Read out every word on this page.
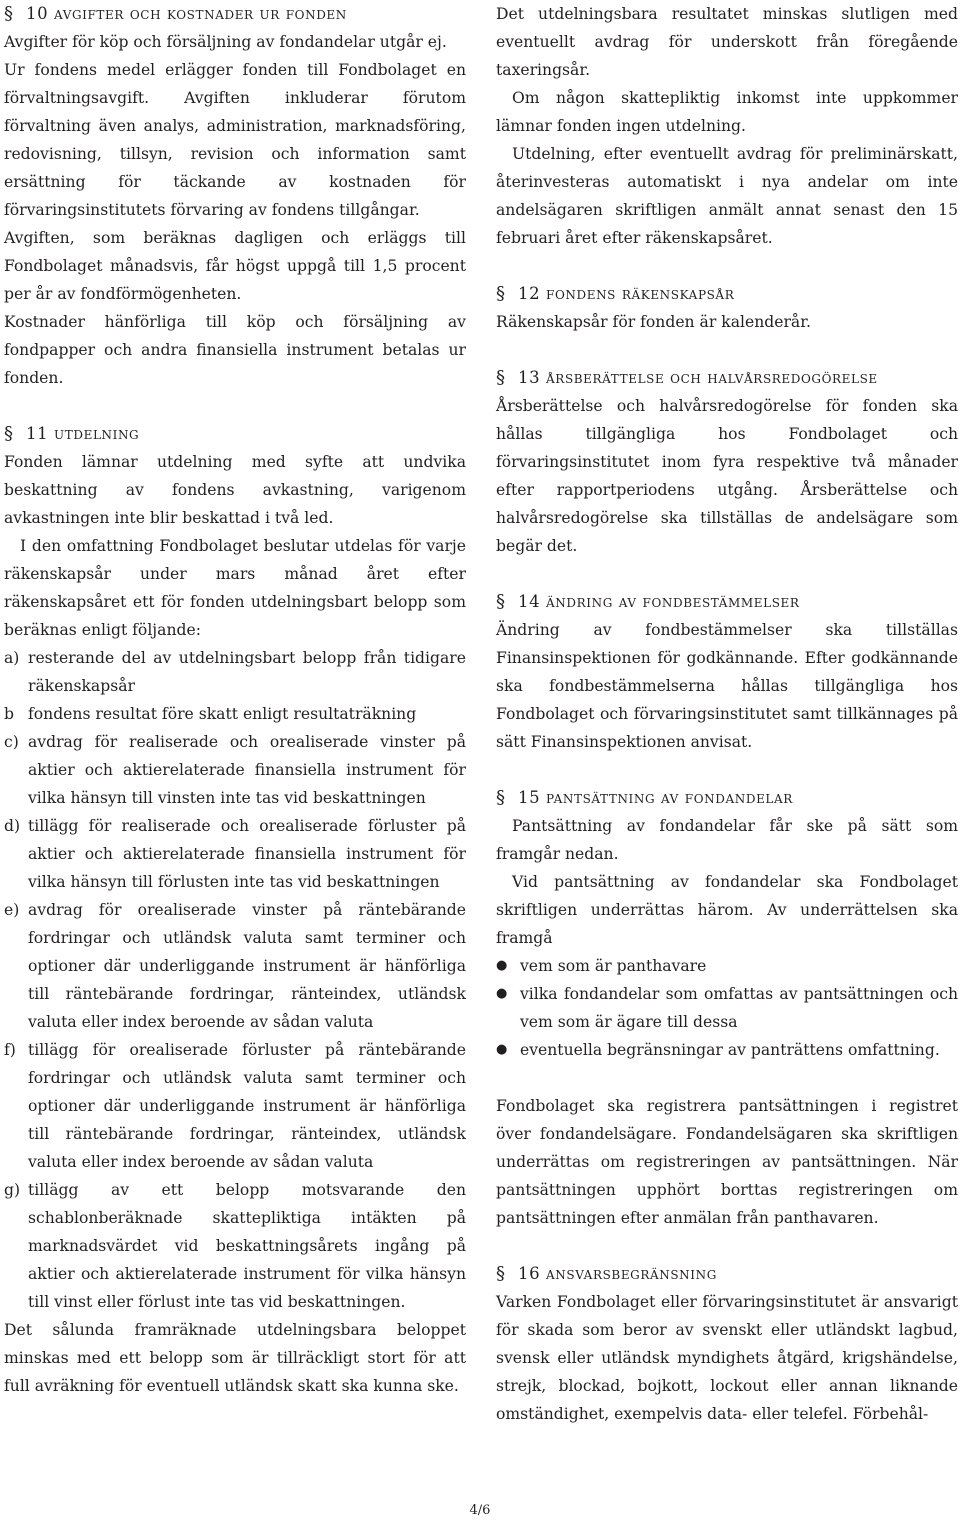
§ 10 avgifter och kostnader ur fonden

Avgifter för köp och försäljning av fondandelar utgår ej.

Ur fondens medel erlägger fonden till Fondbolaget en förvaltningsavgift. Avgiften inkluderar förutom förvaltning även analys, administration, marknadsföring, redovisning, tillsyn, revision och information samt ersättning för täckande av kostnaden för förvaringsinstitutets förvaring av fondens tillgångar.

Avgiften, som beräknas dagligen och erläggs till Fondbolaget månadsvis, får högst uppgå till 1,5 procent per år av fondförmögenheten.

Kostnader hänförliga till köp och försäljning av fondpapper och andra finansiella instrument betalas ur fonden.

§ 11 utdelning

Fonden lämnar utdelning med syfte att undvika beskattning av fondens avkastning, varigenom avkastningen inte blir beskattad i två led.

I den omfattning Fondbolaget beslutar utdelas för varje räkenskapsår under mars månad året efter räkenskapsåret ett för fonden utdelningsbart belopp som beräknas enligt följande:

a) resterande del av utdelningsbart belopp från tidigare räkenskapsår
b fondens resultat före skatt enligt resultaträkning
c) avdrag för realiserade och orealiserade vinster på aktier och aktierelaterade finansiella instrument för vilka hänsyn till vinsten inte tas vid beskattningen
d) tillägg för realiserade och orealiserade förluster på aktier och aktierelaterade finansiella instrument för vilka hänsyn till förlusten inte tas vid beskattningen
e) avdrag för orealiserade vinster på räntebärande fordringar och utländsk valuta samt terminer och optioner där underliggande instrument är hänförliga till räntebärande fordringar, ränteindex, utländsk valuta eller index beroende av sådan valuta
f) tillägg för orealiserade förluster på räntebärande fordringar och utländsk valuta samt terminer och optioner där underliggande instrument är hänförliga till räntebärande fordringar, ränteindex, utländsk valuta eller index beroende av sådan valuta
g) tillägg av ett belopp motsvarande den schablonberäknade skattepliktiga intäkten på marknadsvärdet vid beskattningsårets ingång på aktier och aktierelaterade instrument för vilka hänsyn till vinst eller förlust inte tas vid beskattningen.

Det sålunda framräknade utdelningsbara beloppet minskas med ett belopp som är tillräckligt stort för att full avräkning för eventuell utländsk skatt ska kunna ske.

Det utdelningsbara resultatet minskas slutligen med eventuellt avdrag för underskott från föregående taxeringsår.

Om någon skattepliktig inkomst inte uppkommer lämnar fonden ingen utdelning.

Utdelning, efter eventuellt avdrag för preliminärskatt, återinvesteras automatiskt i nya andelar om inte andelsägaren skriftligen anmält annat senast den 15 februari året efter räkenskapsåret.

§ 12 fondens räkenskapsår

Räkenskapsår för fonden är kalenderår.

§ 13 årsberättelse och halvårsredogörelse

Årsberättelse och halvårsredogörelse för fonden ska hållas tillgängliga hos Fondbolaget och förvaringsinstitutet inom fyra respektive två månader efter rapportperiodens utgång. Årsberättelse och halvårsredogörelse ska tillställas de andelsägare som begär det.

§ 14 ändring av fondbestämmelser

Ändring av fondbestämmelser ska tillställas Finansinspektionen för godkännande. Efter godkännande ska fondbestämmelserna hållas tillgängliga hos Fondbolaget och förvaringsinstitutet samt tillkännages på sätt Finansinspektionen anvisat.

§ 15 pantsättning av fondandelar

Pantsättning av fondandelar får ske på sätt som framgår nedan.

Vid pantsättning av fondandelar ska Fondbolaget skriftligen underrättas härom. Av underrättelsen ska framgå

● vem som är panthavare
● vilka fondandelar som omfattas av pantsättningen och vem som är ägare till dessa
● eventuella begränsningar av panträttens omfattning.

Fondbolaget ska registrera pantsättningen i registret över fondandelsägare. Fondandelsägaren ska skriftligen underrättas om registreringen av pantsättningen. När pantsättningen upphört borttas registreringen om pantsättningen efter anmälan från panthavaren.

§ 16 ansvarsbegränsning

Varken Fondbolaget eller förvaringsinstitutet är ansvarigt för skada som beror av svenskt eller utländskt lagbud, svensk eller utländsk myndighets åtgärd, krigshändelse, strejk, blockad, bojkott, lockout eller annan liknande omständighet, exempelvis data- eller telefel. Förbehål-

4/6
